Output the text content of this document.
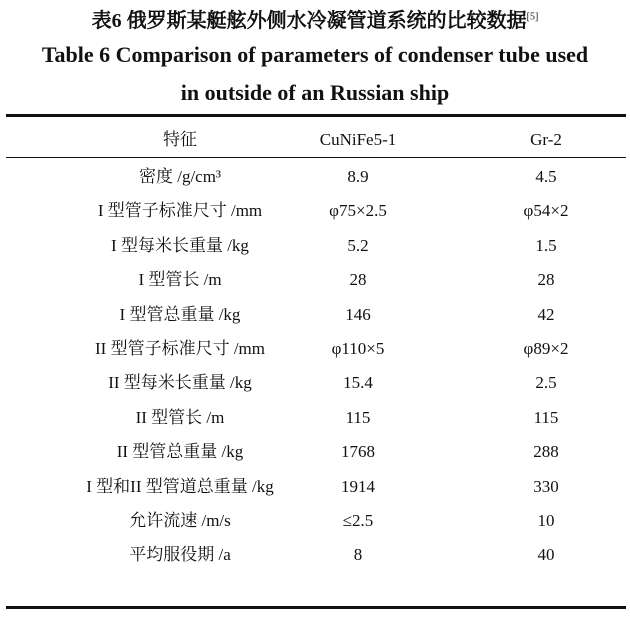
表6 俄罗斯某艇舷外侧水冷凝管道系统的比较数据[5]
Table 6 Comparison of parameters of condenser tube used
in outside of an Russian ship
特征	CuNiFe5-1	Gr-2
密度 /g/cm³	8.9	4.5
I 型管子标准尺寸 /mm	φ75×2.5	φ54×2
I 型每米长重量 /kg	5.2	1.5
I 型管长 /m	28	28
I 型管总重量 /kg	146	42
II 型管子标准尺寸 /mm	φ110×5	φ89×2
II 型每米长重量 /kg	15.4	2.5
II 型管长 /m	115	115
II 型管总重量 /kg	1768	288
I 型和II 型管道总重量 /kg	1914	330
允许流速 /m/s	≤2.5	10
平均服役期 /a	8	40
